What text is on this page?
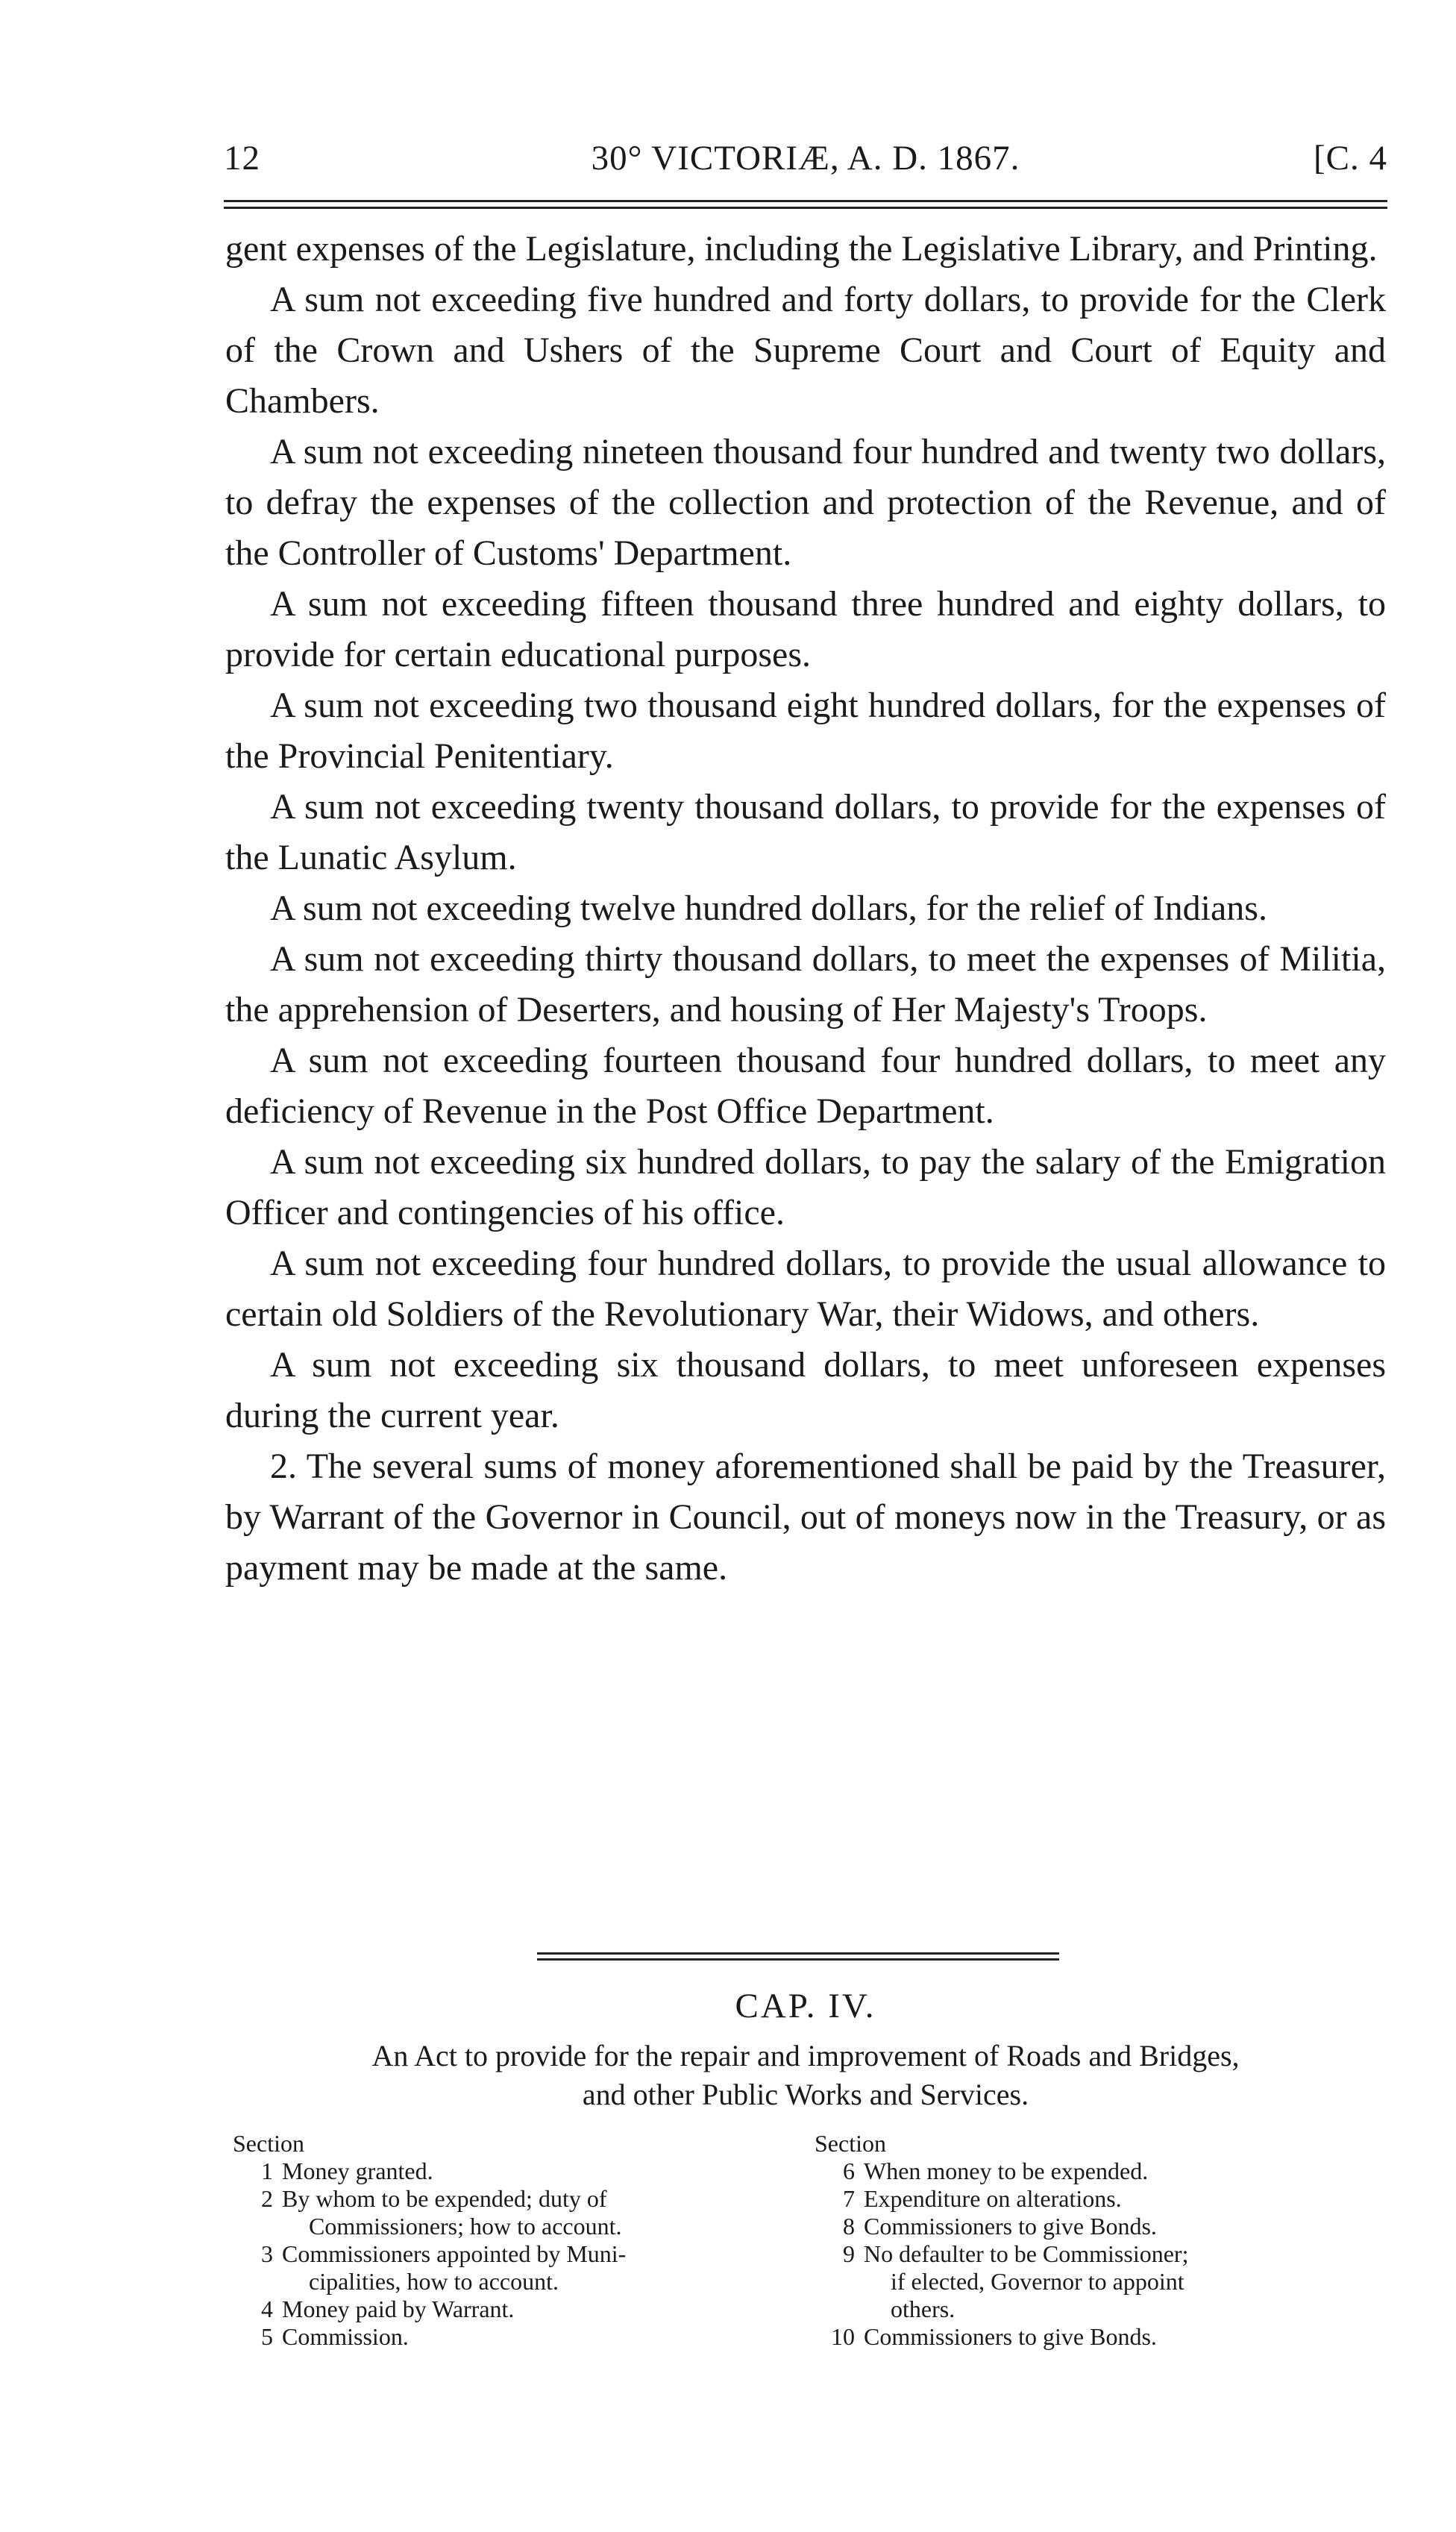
12	30° VICTORIÆ, A. D. 1867.	[C. 4

gent expenses of the Legislature, including the Legislative Library, and Printing.

A sum not exceeding five hundred and forty dollars, to provide for the Clerk of the Crown and Ushers of the Supreme Court and Court of Equity and Chambers.

A sum not exceeding nineteen thousand four hundred and twenty two dollars, to defray the expenses of the collection and protection of the Revenue, and of the Controller of Customs' Department.

A sum not exceeding fifteen thousand three hundred and eighty dollars, to provide for certain educational purposes.

A sum not exceeding two thousand eight hundred dollars, for the expenses of the Provincial Penitentiary.

A sum not exceeding twenty thousand dollars, to provide for the expenses of the Lunatic Asylum.

A sum not exceeding twelve hundred dollars, for the relief of Indians.

A sum not exceeding thirty thousand dollars, to meet the expenses of Militia, the apprehension of Deserters, and housing of Her Majesty's Troops.

A sum not exceeding fourteen thousand four hundred dollars, to meet any deficiency of Revenue in the Post Office Department.

A sum not exceeding six hundred dollars, to pay the salary of the Emigration Officer and contingencies of his office.

A sum not exceeding four hundred dollars, to provide the usual allowance to certain old Soldiers of the Revolutionary War, their Widows, and others.

A sum not exceeding six thousand dollars, to meet unforeseen expenses during the current year.

2. The several sums of money aforementioned shall be paid by the Treasurer, by Warrant of the Governor in Council, out of moneys now in the Treasury, or as payment may be made at the same.

CAP. IV.
An Act to provide for the repair and improvement of Roads and Bridges,
and other Public Works and Services.
Section
1 Money granted.
2 By whom to be expended; duty of
Commissioners; how to account.
3 Commissioners appointed by Muni-
cipalities, how to account.
4 Money paid by Warrant.
5 Commission.
Section
6 When money to be expended.
7 Expenditure on alterations.
8 Commissioners to give Bonds.
9 No defaulter to be Commissioner;
if elected, Governor to appoint
others.
10 Commissioners to give Bonds.
